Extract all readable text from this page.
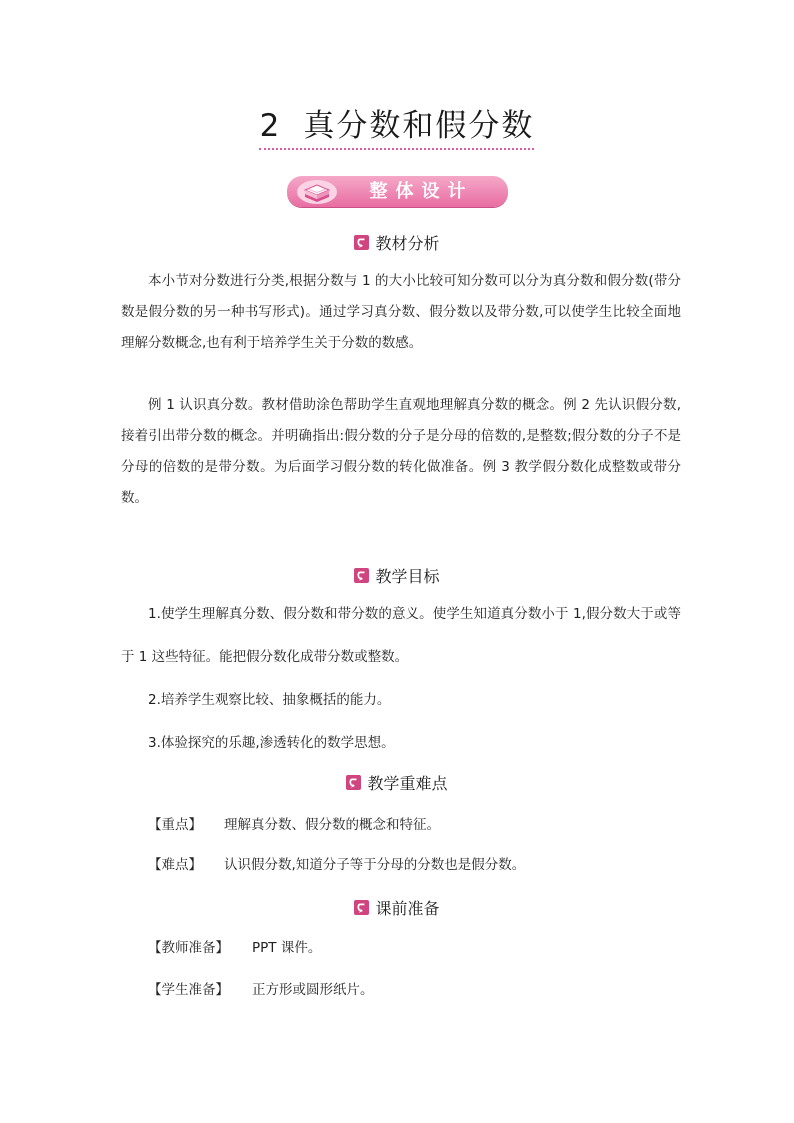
2 真分数和假分数
整体设计
教材分析

本小节对分数进行分类,根据分数与 1 的大小比较可知分数可以分为真分数和假分数(带分数是假分数的另一种书写形式)。通过学习真分数、假分数以及带分数,可以使学生比较全面地理解分数概念,也有利于培养学生关于分数的数感。

例 1 认识真分数。教材借助涂色帮助学生直观地理解真分数的概念。例 2 先认识假分数,接着引出带分数的概念。并明确指出:假分数的分子是分母的倍数的,是整数;假分数的分子不是分母的倍数的是带分数。为后面学习假分数的转化做准备。例 3 教学假分数化成整数或带分数。

教学目标

1.使学生理解真分数、假分数和带分数的意义。使学生知道真分数小于 1,假分数大于或等于 1 这些特征。能把假分数化成带分数或整数。

2.培养学生观察比较、抽象概括的能力。

3.体验探究的乐趣,渗透转化的数学思想。

教学重难点
【重点】 理解真分数、假分数的概念和特征。
【难点】 认识假分数,知道分子等于分母的分数也是假分数。
课前准备
【教师准备】 PPT 课件。
【学生准备】 正方形或圆形纸片。
